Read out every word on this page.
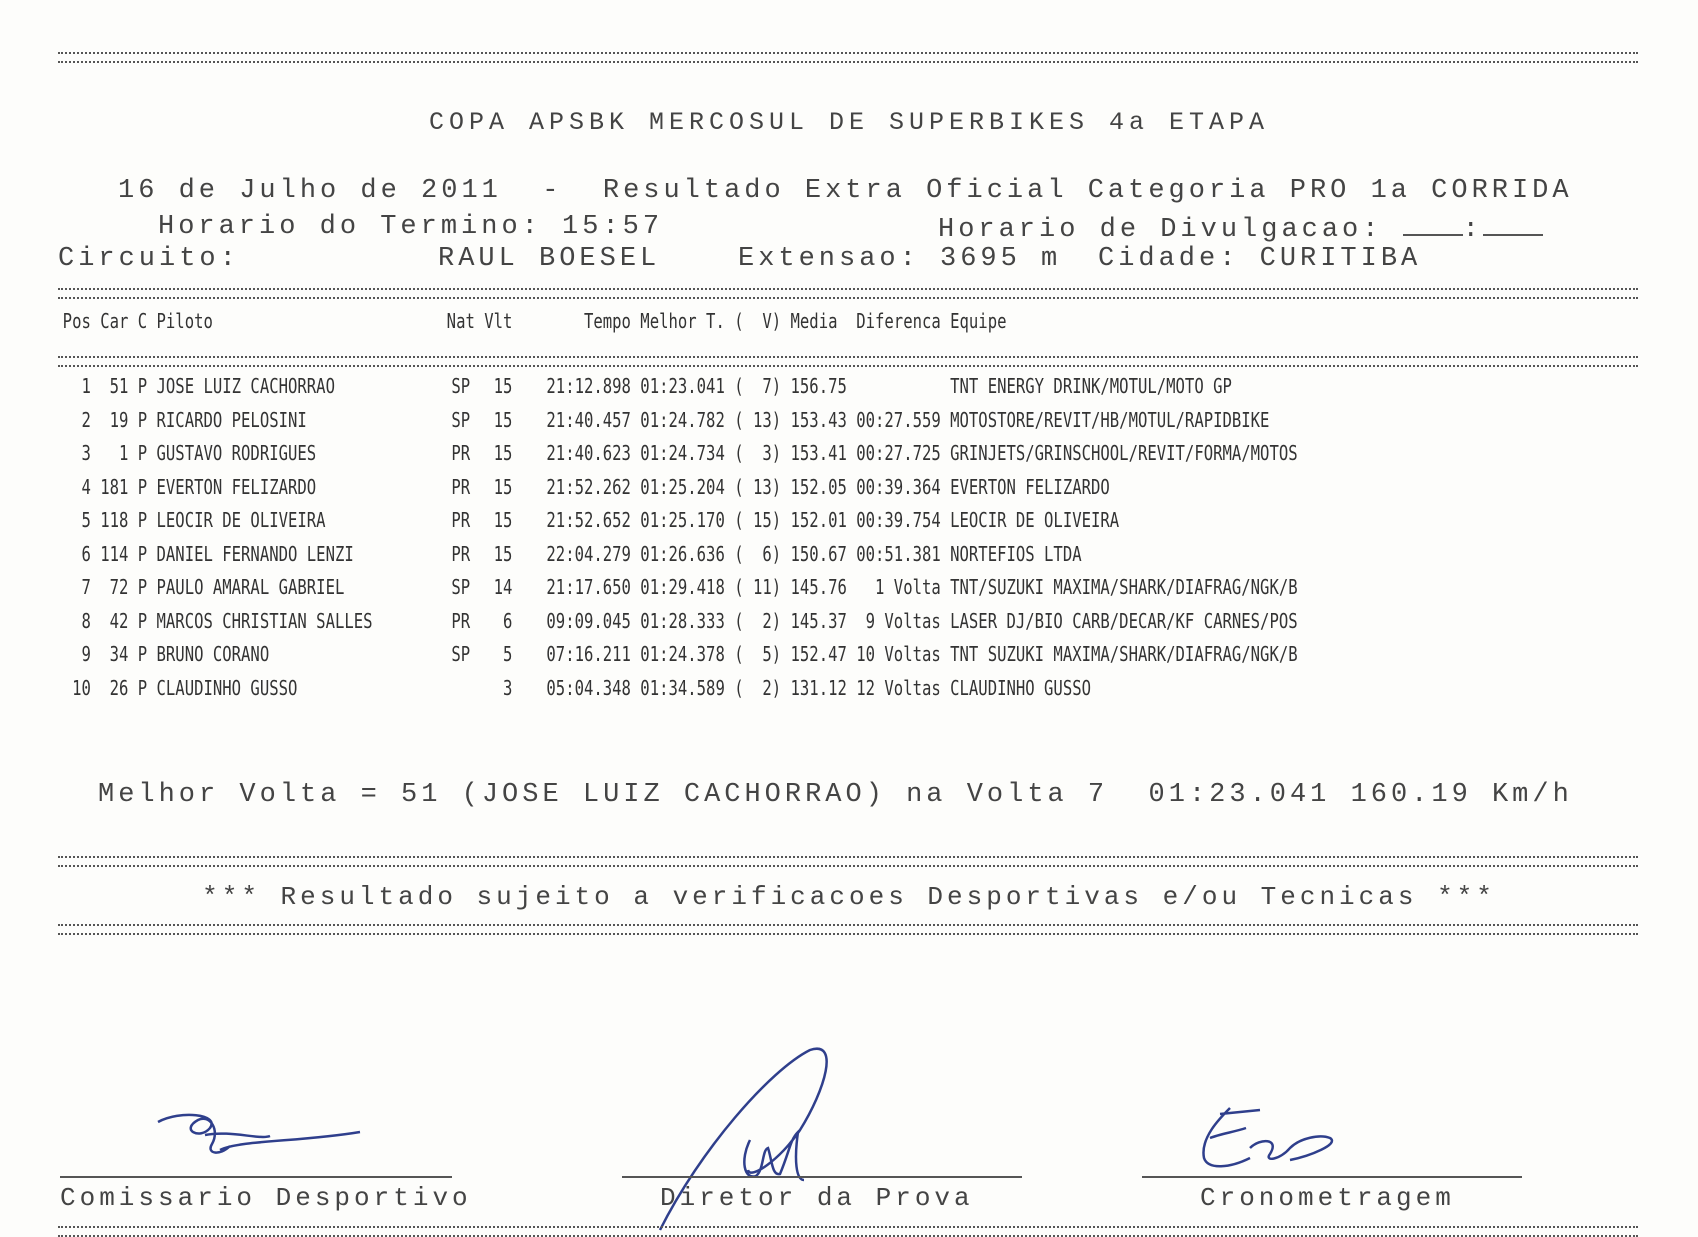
COPA APSBK MERCOSUL DE SUPERBIKES 4a ETAPA
16 de Julho de 2011  -  Resultado Extra Oficial Categoria PRO 1a CORRIDA
Horario do Termino: 15:57	Horario de Divulgacao:	:
Circuito:	RAUL BOESEL	Extensao: 3695 m Cidade: CURITIBA
Pos	Car	C	Piloto	Nat	Vlt	Tempo	Melhor T. (	V)	Media	Diferenca	Equipe

1	51	P	JOSE LUIZ CACHORRAO	SP	15	21:12.898	01:23.041 (	7)	156.75		TNT ENERGY DRINK/MOTUL/MOTO GP
2	19	P	RICARDO PELOSINI	SP	15	21:40.457	01:24.782 (	13)	153.43	00:27.559	MOTOSTORE/REVIT/HB/MOTUL/RAPIDBIKE
3	1	P	GUSTAVO RODRIGUES	PR	15	21:40.623	01:24.734 (	3)	153.41	00:27.725	GRINJETS/GRINSCHOOL/REVIT/FORMA/MOTOS
4	181	P	EVERTON FELIZARDO	PR	15	21:52.262	01:25.204 (	13)	152.05	00:39.364	EVERTON FELIZARDO
5	118	P	LEOCIR DE OLIVEIRA	PR	15	21:52.652	01:25.170 (	15)	152.01	00:39.754	LEOCIR DE OLIVEIRA
6	114	P	DANIEL FERNANDO LENZI	PR	15	22:04.279	01:26.636 (	6)	150.67	00:51.381	NORTEFIOS LTDA
7	72	P	PAULO AMARAL GABRIEL	SP	14	21:17.650	01:29.418 (	11)	145.76	1 Volta	TNT/SUZUKI MAXIMA/SHARK/DIAFRAG/NGK/B
8	42	P	MARCOS CHRISTIAN SALLES	PR	6	09:09.045	01:28.333 (	2)	145.37	9 Voltas	LASER DJ/BIO CARB/DECAR/KF CARNES/POS
9	34	P	BRUNO CORANO	SP	5	07:16.211	01:24.378 (	5)	152.47	10 Voltas	TNT SUZUKI MAXIMA/SHARK/DIAFRAG/NGK/B
10	26	P	CLAUDINHO GUSSO		3	05:04.348	01:34.589 (	2)	131.12	12 Voltas	CLAUDINHO GUSSO
Melhor Volta = 51 (JOSE LUIZ CACHORRAO) na Volta 7  01:23.041 160.19 Km/h
*** Resultado sujeito a verificacoes Desportivas e/ou Tecnicas ***
Comissario Desportivo	Diretor da Prova	Cronometragem
